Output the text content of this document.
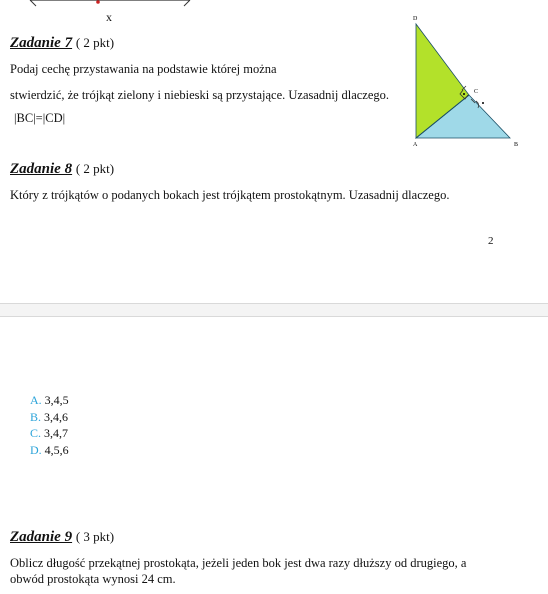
x
Zadanie 7 ( 2 pkt)
Podaj cechę przystawania na podstawie której można
stwierdzić, że trójkąt zielony i niebieski są przystające. Uzasadnij dlaczego.
|BC|=|CD|
D
C
A	B
Zadanie 8 ( 2 pkt)
Który z trójkątów o podanych bokach jest trójkątem prostokątnym. Uzasadnij dlaczego.
2
A. 3,4,5
B. 3,4,6
C. 3,4,7
D. 4,5,6
Zadanie 9 ( 3 pkt)
Oblicz długość przekątnej prostokąta, jeżeli jeden bok jest dwa razy dłuższy od drugiego, a
obwód prostokąta wynosi 24 cm.
